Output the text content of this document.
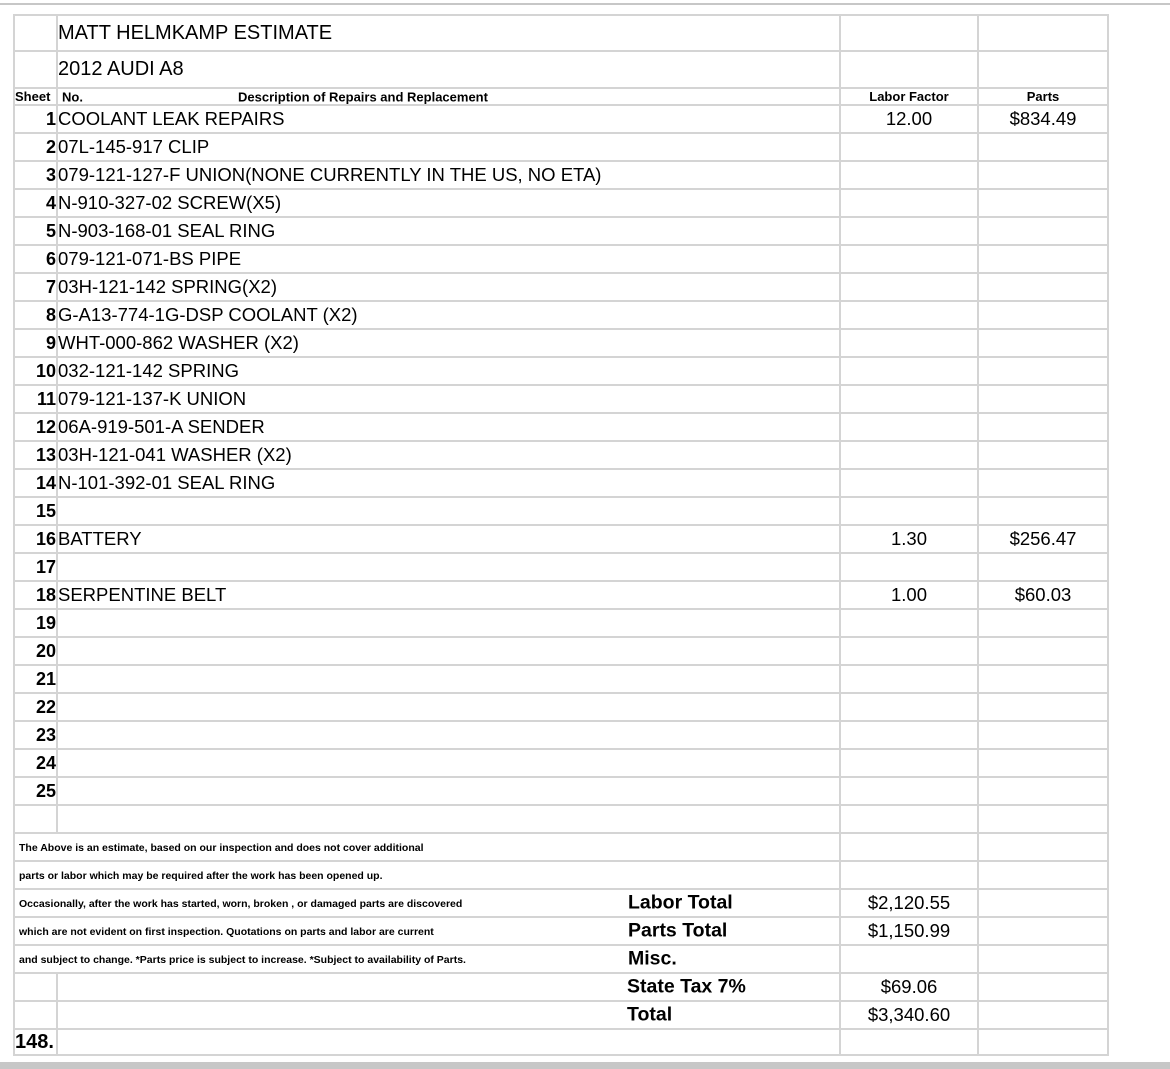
	MATT HELMKAMP ESTIMATE		
	2012 AUDI A8		
Sheet	No. Description of Repairs and Replacement	Labor Factor	Parts
1	COOLANT LEAK REPAIRS	12.00	$834.49
2	07L-145-917 CLIP		
3	079-121-127-F UNION(NONE CURRENTLY IN THE US, NO ETA)		
4	N-910-327-02 SCREW(X5)		
5	N-903-168-01 SEAL RING		
6	079-121-071-BS PIPE		
7	03H-121-142 SPRING(X2)		
8	G-A13-774-1G-DSP COOLANT (X2)		
9	WHT-000-862 WASHER (X2)		
10	032-121-142 SPRING		
11	079-121-137-K UNION		
12	06A-919-501-A SENDER		
13	03H-121-041 WASHER (X2)		
14	N-101-392-01 SEAL RING		
15			
16	BATTERY	1.30	$256.47
17			
18	SERPENTINE BELT	1.00	$60.03
19			
20			
21			
22			
23			
24			
25			

The Above is an estimate, based on our inspection and does not cover additional			
parts or labor which may be required after the work has been opened up.			
Occasionally, after the work has started, worn, broken , or damaged parts are discovered Labor Total		$2,120.55	
which are not evident on first inspection. Quotations on parts and labor are current Parts Total		$1,150.99	
and subject to change. *Parts price is subject to increase. *Subject to availability of Parts. Misc.			

	State Tax 7%	$69.06	

	Total	$3,340.60	
148.			
